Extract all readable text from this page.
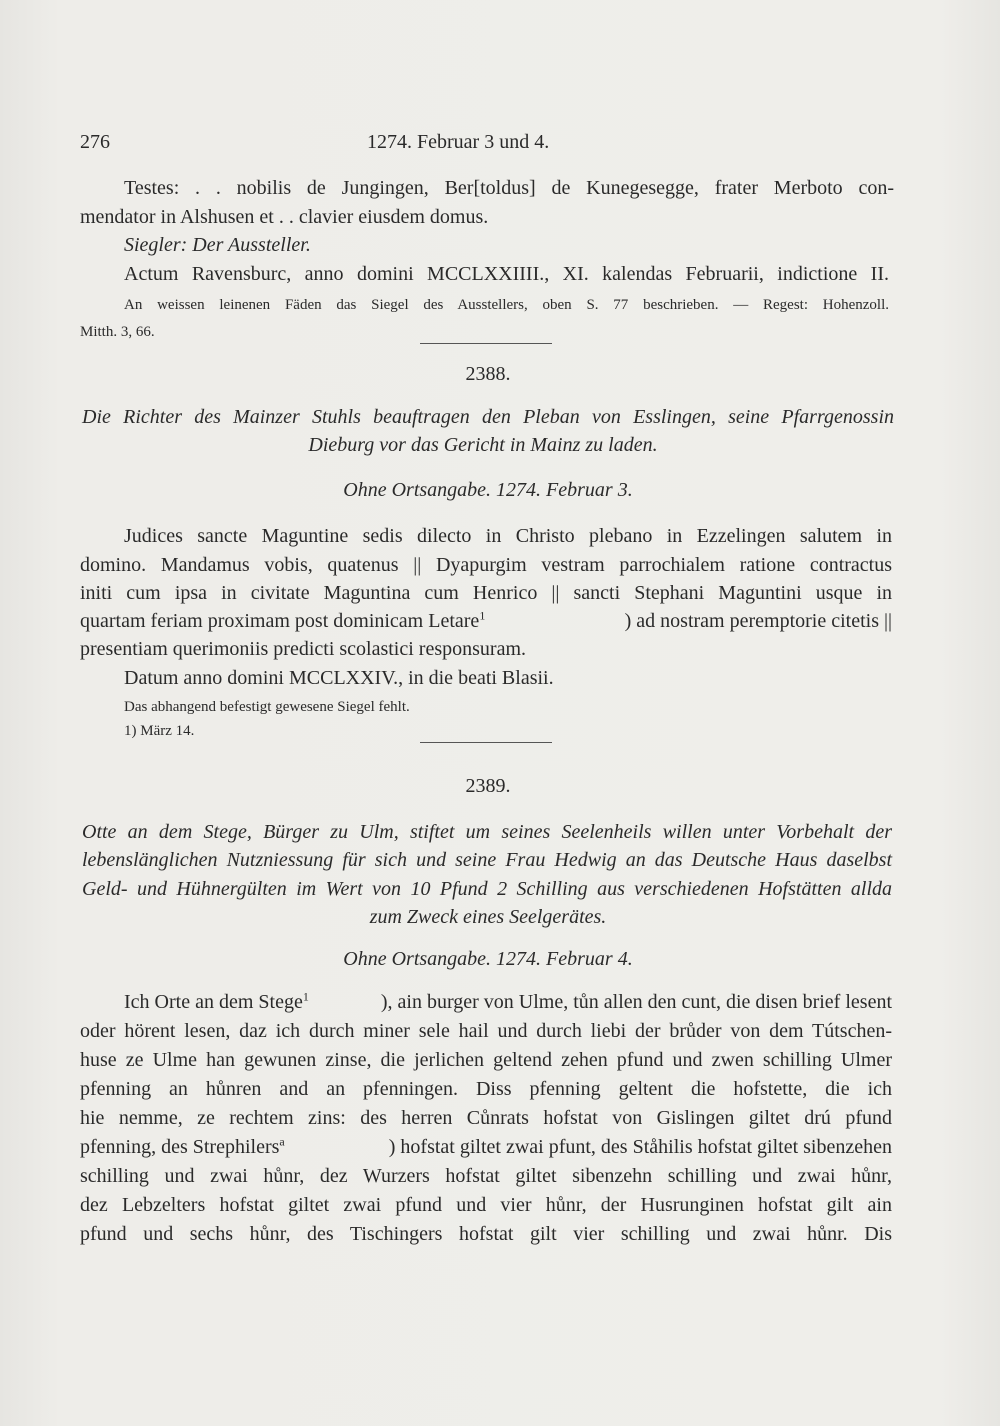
276	1274. Februar 3 und 4.
Testes: . . nobilis de Jungingen, Ber[toldus] de Kunegesegge, frater Merboto con-
mendator in Alshusen et . . clavier eiusdem domus.
Siegler: Der Aussteller.
Actum Ravensburc, anno domini MCCLXXIIII., XI. kalendas Februarii, indictione II.
An weissen leinenen Fäden das Siegel des Ausstellers, oben S. 77 beschrieben. — Regest: Hohenzoll.
Mitth. 3, 66.
2388.
Die Richter des Mainzer Stuhls beauftragen den Pleban von Esslingen, seine Pfarrgenossin
Dieburg vor das Gericht in Mainz zu laden.
Ohne Ortsangabe. 1274. Februar 3.
Judices sancte Maguntine sedis dilecto in Christo plebano in Ezzelingen salutem in
domino. Mandamus vobis, quatenus || Dyapurgim vestram parrochialem ratione contractus
initi cum ipsa in civitate Maguntina cum Henrico || sancti Stephani Maguntini usque in
quartam feriam proximam post dominicam Letare$^1$	) ad nostram peremptorie citetis ||
presentiam querimoniis predicti scolastici responsuram.
Datum anno domini MCCLXXIV., in die beati Blasii.
Das abhangend befestigt gewesene Siegel fehlt.
1) März 14.
2389.
Otte an dem Stege, Bürger zu Ulm, stiftet um seines Seelenheils willen unter Vorbehalt der
lebenslänglichen Nutzniessung für sich und seine Frau Hedwig an das Deutsche Haus daselbst
Geld- und Hühnergülten im Wert von 10 Pfund 2 Schilling aus verschiedenen Hofstätten allda
zum Zweck eines Seelgerätes.
Ohne Ortsangabe. 1274. Februar 4.
Ich Orte an dem Stege$^1$	), ain burger von Ulme, tůn allen den cunt, die disen brief lesent
oder hörent lesen, daz ich durch miner sele hail und durch liebi der brůder von dem Tútschen-
huse ze Ulme han gewunen zinse, die jerlichen geltend zehen pfund und zwen schilling Ulmer
pfenning an hůnren and an pfenningen. Diss pfenning geltent die hofstette, die ich
hie nemme, ze rechtem zins: des herren Cůnrats hofstat von Gislingen giltet drú pfund
pfenning, des Strephilers$^a$	) hofstat giltet zwai pfunt, des Ståhilis hofstat giltet sibenzehen
schilling und zwai hůnr, dez Wurzers hofstat giltet sibenzehn schilling und zwai hůnr,
dez Lebzelters hofstat giltet zwai pfund und vier hůnr, der Husrunginen hofstat gilt ain
pfund und sechs hůnr, des Tischingers hofstat gilt vier schilling und zwai hůnr. Dis
